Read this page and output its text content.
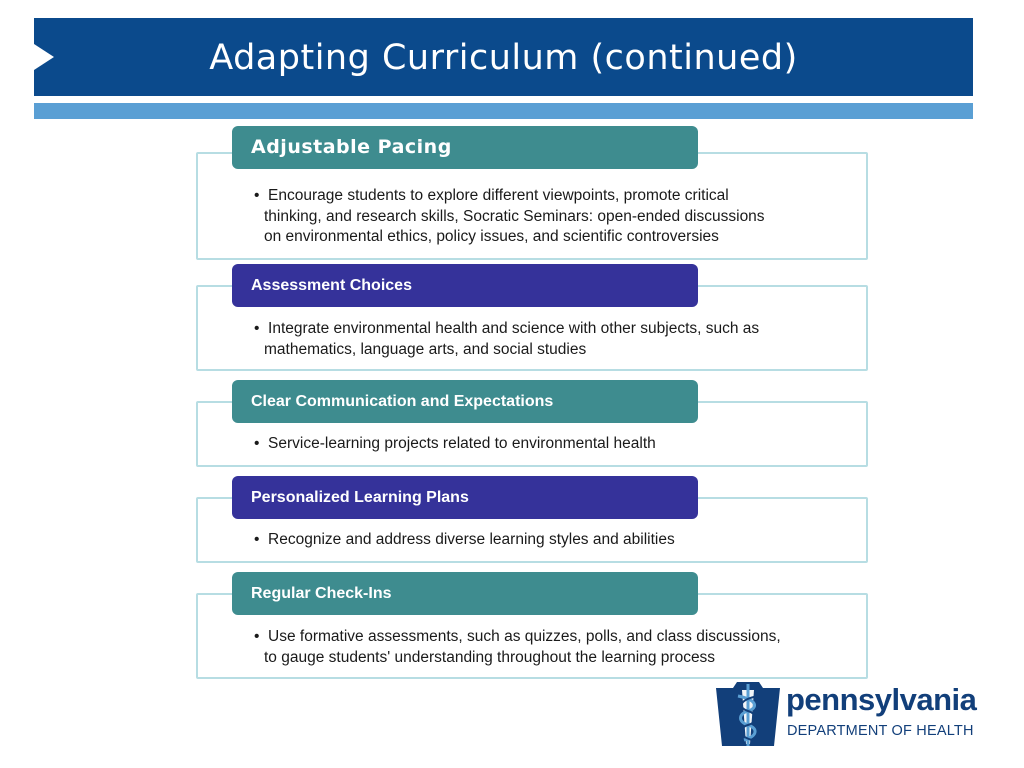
Adapting Curriculum (continued)
• Encourage students to explore different viewpoints, promote critical
thinking, and research skills, Socratic Seminars: open-ended discussions
on environmental ethics, policy issues, and scientific controversies
Adjustable Pacing
• Integrate environmental health and science with other subjects, such as
mathematics, language arts, and social studies
Assessment Choices
• Service-learning projects related to environmental health
Clear Communication and Expectations
• Recognize and address diverse learning styles and abilities
Personalized Learning Plans
• Use formative assessments, such as quizzes, polls, and class discussions,
to gauge students' understanding throughout the learning process
Regular Check-Ins
pennsylvania
DEPARTMENT OF HEALTH
